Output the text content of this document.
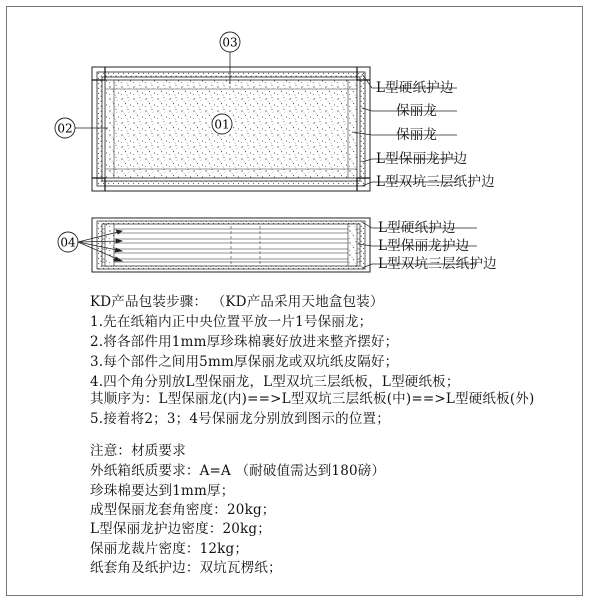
01
02
03
04
L型硬纸护边
保丽龙
保丽龙
L型保丽龙护边
L型双坑三层纸护边
L型硬纸护边
L型保丽龙护边
L型双坑三层纸护边
KD产品包装步骤： （KD产品采用天地盒包装）
1.先在纸箱内正中央位置平放一片1号保丽龙；
2.将各部件用1mm厚珍珠棉裹好放进来整齐摆好；
3.每个部件之间用5mm厚保丽龙或双坑纸皮隔好；
4.四个角分别放L型保丽龙，L型双坑三层纸板，L型硬纸板；
其顺序为：L型保丽龙(内)==>L型双坑三层纸板(中)==>L型硬纸板(外)
5.接着将2；3；4号保丽龙分别放到图示的位置；
注意：材质要求
外纸箱纸质要求：A=A （耐破值需达到180磅）
珍珠棉要达到1mm厚；
成型保丽龙套角密度：20kg；
L型保丽龙护边密度：20kg；
保丽龙裁片密度：12kg；
纸套角及纸护边：双坑瓦楞纸；
